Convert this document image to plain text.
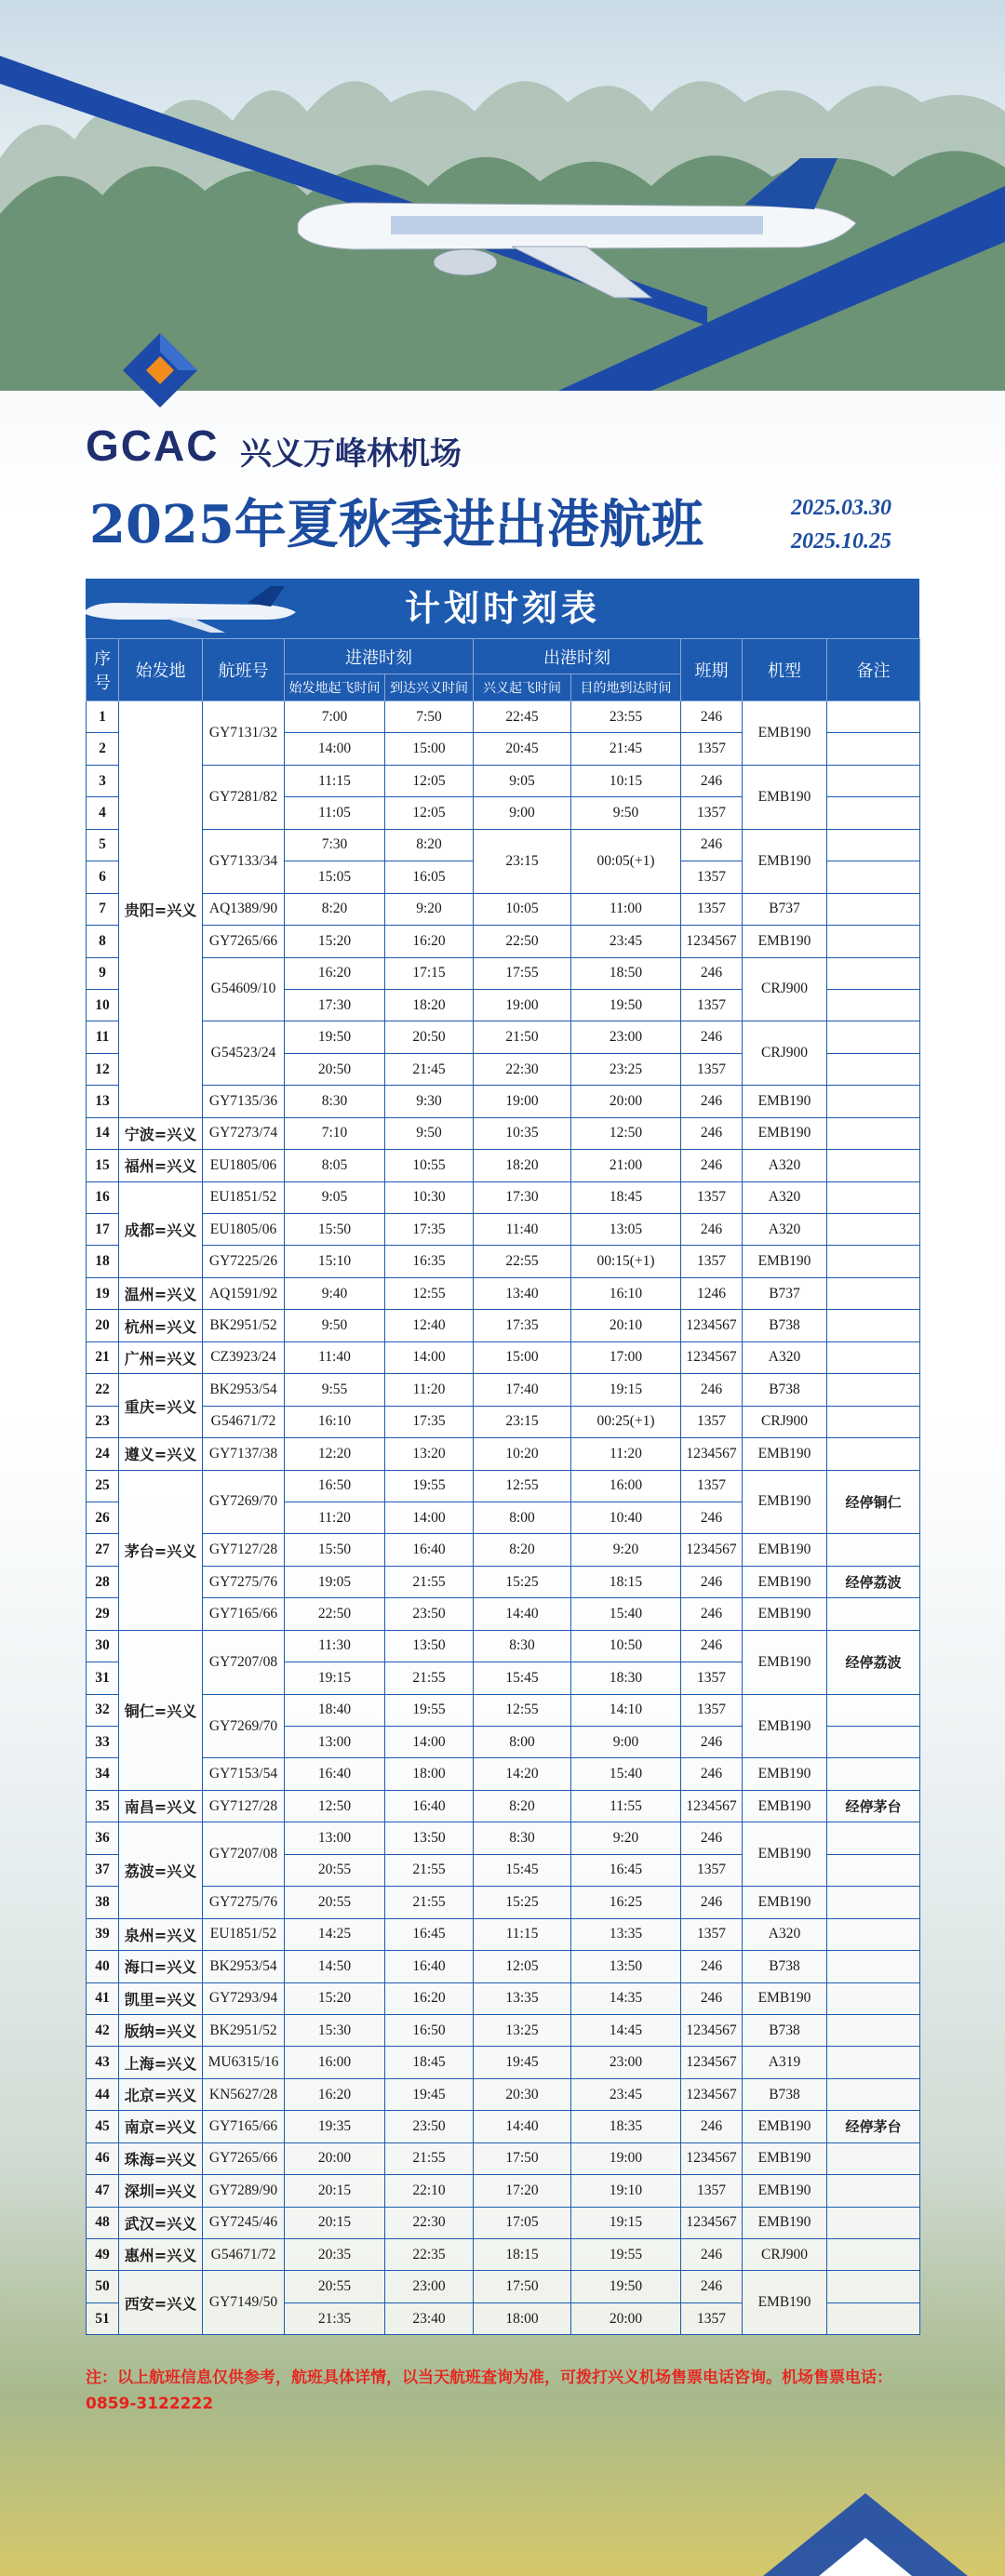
GCAC 兴义万峰林机场
2025年夏秋季进出港航班	2025.03.30
2025.10.25
计划时刻表
序号	始发地	航班号	进港时刻		出港时刻		班期	机型	备注
			始发地起飞时间	到达兴义时间	兴义起飞时间	目的地到达时间			
1	贵阳=兴义	GY7131/32	7:00	7:50	22:45	23:55	246	EMB190	
2			14:00	15:00	20:45	21:45	1357		
3		GY7281/82	11:15	12:05	9:05	10:15	246	EMB190	
4			11:05	12:05	9:00	9:50	1357		
5		GY7133/34	7:30	8:20	23:15	00:05(+1)	246	EMB190	
6			15:05	16:05			1357		
7		AQ1389/90	8:20	9:20	10:05	11:00	1357	B737	
8		GY7265/66	15:20	16:20	22:50	23:45	1234567	EMB190	
9		G54609/10	16:20	17:15	17:55	18:50	246	CRJ900	
10			17:30	18:20	19:00	19:50	1357		
11		G54523/24	19:50	20:50	21:50	23:00	246	CRJ900	
12			20:50	21:45	22:30	23:25	1357		
13		GY7135/36	8:30	9:30	19:00	20:00	246	EMB190	
14	宁波=兴义	GY7273/74	7:10	9:50	10:35	12:50	246	EMB190	
15	福州=兴义	EU1805/06	8:05	10:55	18:20	21:00	246	A320	
16	成都=兴义	EU1851/52	9:05	10:30	17:30	18:45	1357	A320	
17		EU1805/06	15:50	17:35	11:40	13:05	246	A320	
18		GY7225/26	15:10	16:35	22:55	00:15(+1)	1357	EMB190	
19	温州=兴义	AQ1591/92	9:40	12:55	13:40	16:10	1246	B737	
20	杭州=兴义	BK2951/52	9:50	12:40	17:35	20:10	1234567	B738	
21	广州=兴义	CZ3923/24	11:40	14:00	15:00	17:00	1234567	A320	
22	重庆=兴义	BK2953/54	9:55	11:20	17:40	19:15	246	B738	
23		G54671/72	16:10	17:35	23:15	00:25(+1)	1357	CRJ900	
24	遵义=兴义	GY7137/38	12:20	13:20	10:20	11:20	1234567	EMB190	
25	茅台=兴义	GY7269/70	16:50	19:55	12:55	16:00	1357	EMB190	经停铜仁
26			11:20	14:00	8:00	10:40	246		
27		GY7127/28	15:50	16:40	8:20	9:20	1234567	EMB190	
28		GY7275/76	19:05	21:55	15:25	18:15	246	EMB190	经停荔波
29		GY7165/66	22:50	23:50	14:40	15:40	246	EMB190	
30	铜仁=兴义	GY7207/08	11:30	13:50	8:30	10:50	246	EMB190	经停荔波
31			19:15	21:55	15:45	18:30	1357		
32		GY7269/70	18:40	19:55	12:55	14:10	1357	EMB190	
33			13:00	14:00	8:00	9:00	246		
34		GY7153/54	16:40	18:00	14:20	15:40	246	EMB190	
35	南昌=兴义	GY7127/28	12:50	16:40	8:20	11:55	1234567	EMB190	经停茅台
36	荔波=兴义	GY7207/08	13:00	13:50	8:30	9:20	246	EMB190	
37			20:55	21:55	15:45	16:45	1357		
38		GY7275/76	20:55	21:55	15:25	16:25	246	EMB190	
39	泉州=兴义	EU1851/52	14:25	16:45	11:15	13:35	1357	A320	
40	海口=兴义	BK2953/54	14:50	16:40	12:05	13:50	246	B738	
41	凯里=兴义	GY7293/94	15:20	16:20	13:35	14:35	246	EMB190	
42	版纳=兴义	BK2951/52	15:30	16:50	13:25	14:45	1234567	B738	
43	上海=兴义	MU6315/16	16:00	18:45	19:45	23:00	1234567	A319	
44	北京=兴义	KN5627/28	16:20	19:45	20:30	23:45	1234567	B738	
45	南京=兴义	GY7165/66	19:35	23:50	14:40	18:35	246	EMB190	经停茅台
46	珠海=兴义	GY7265/66	20:00	21:55	17:50	19:00	1234567	EMB190	
47	深圳=兴义	GY7289/90	20:15	22:10	17:20	19:10	1357	EMB190	
48	武汉=兴义	GY7245/46	20:15	22:30	17:05	19:15	1234567	EMB190	
49	惠州=兴义	G54671/72	20:35	22:35	18:15	19:55	246	CRJ900	
50	西安=兴义	GY7149/50	20:55	23:00	17:50	19:50	246	EMB190	
51			21:35	23:40	18:00	20:00	1357		
注：以上航班信息仅供参考，航班具体详情，以当天航班查询为准，可拨打兴义机场售票电话咨询。机场售票电话：0859-3122222
